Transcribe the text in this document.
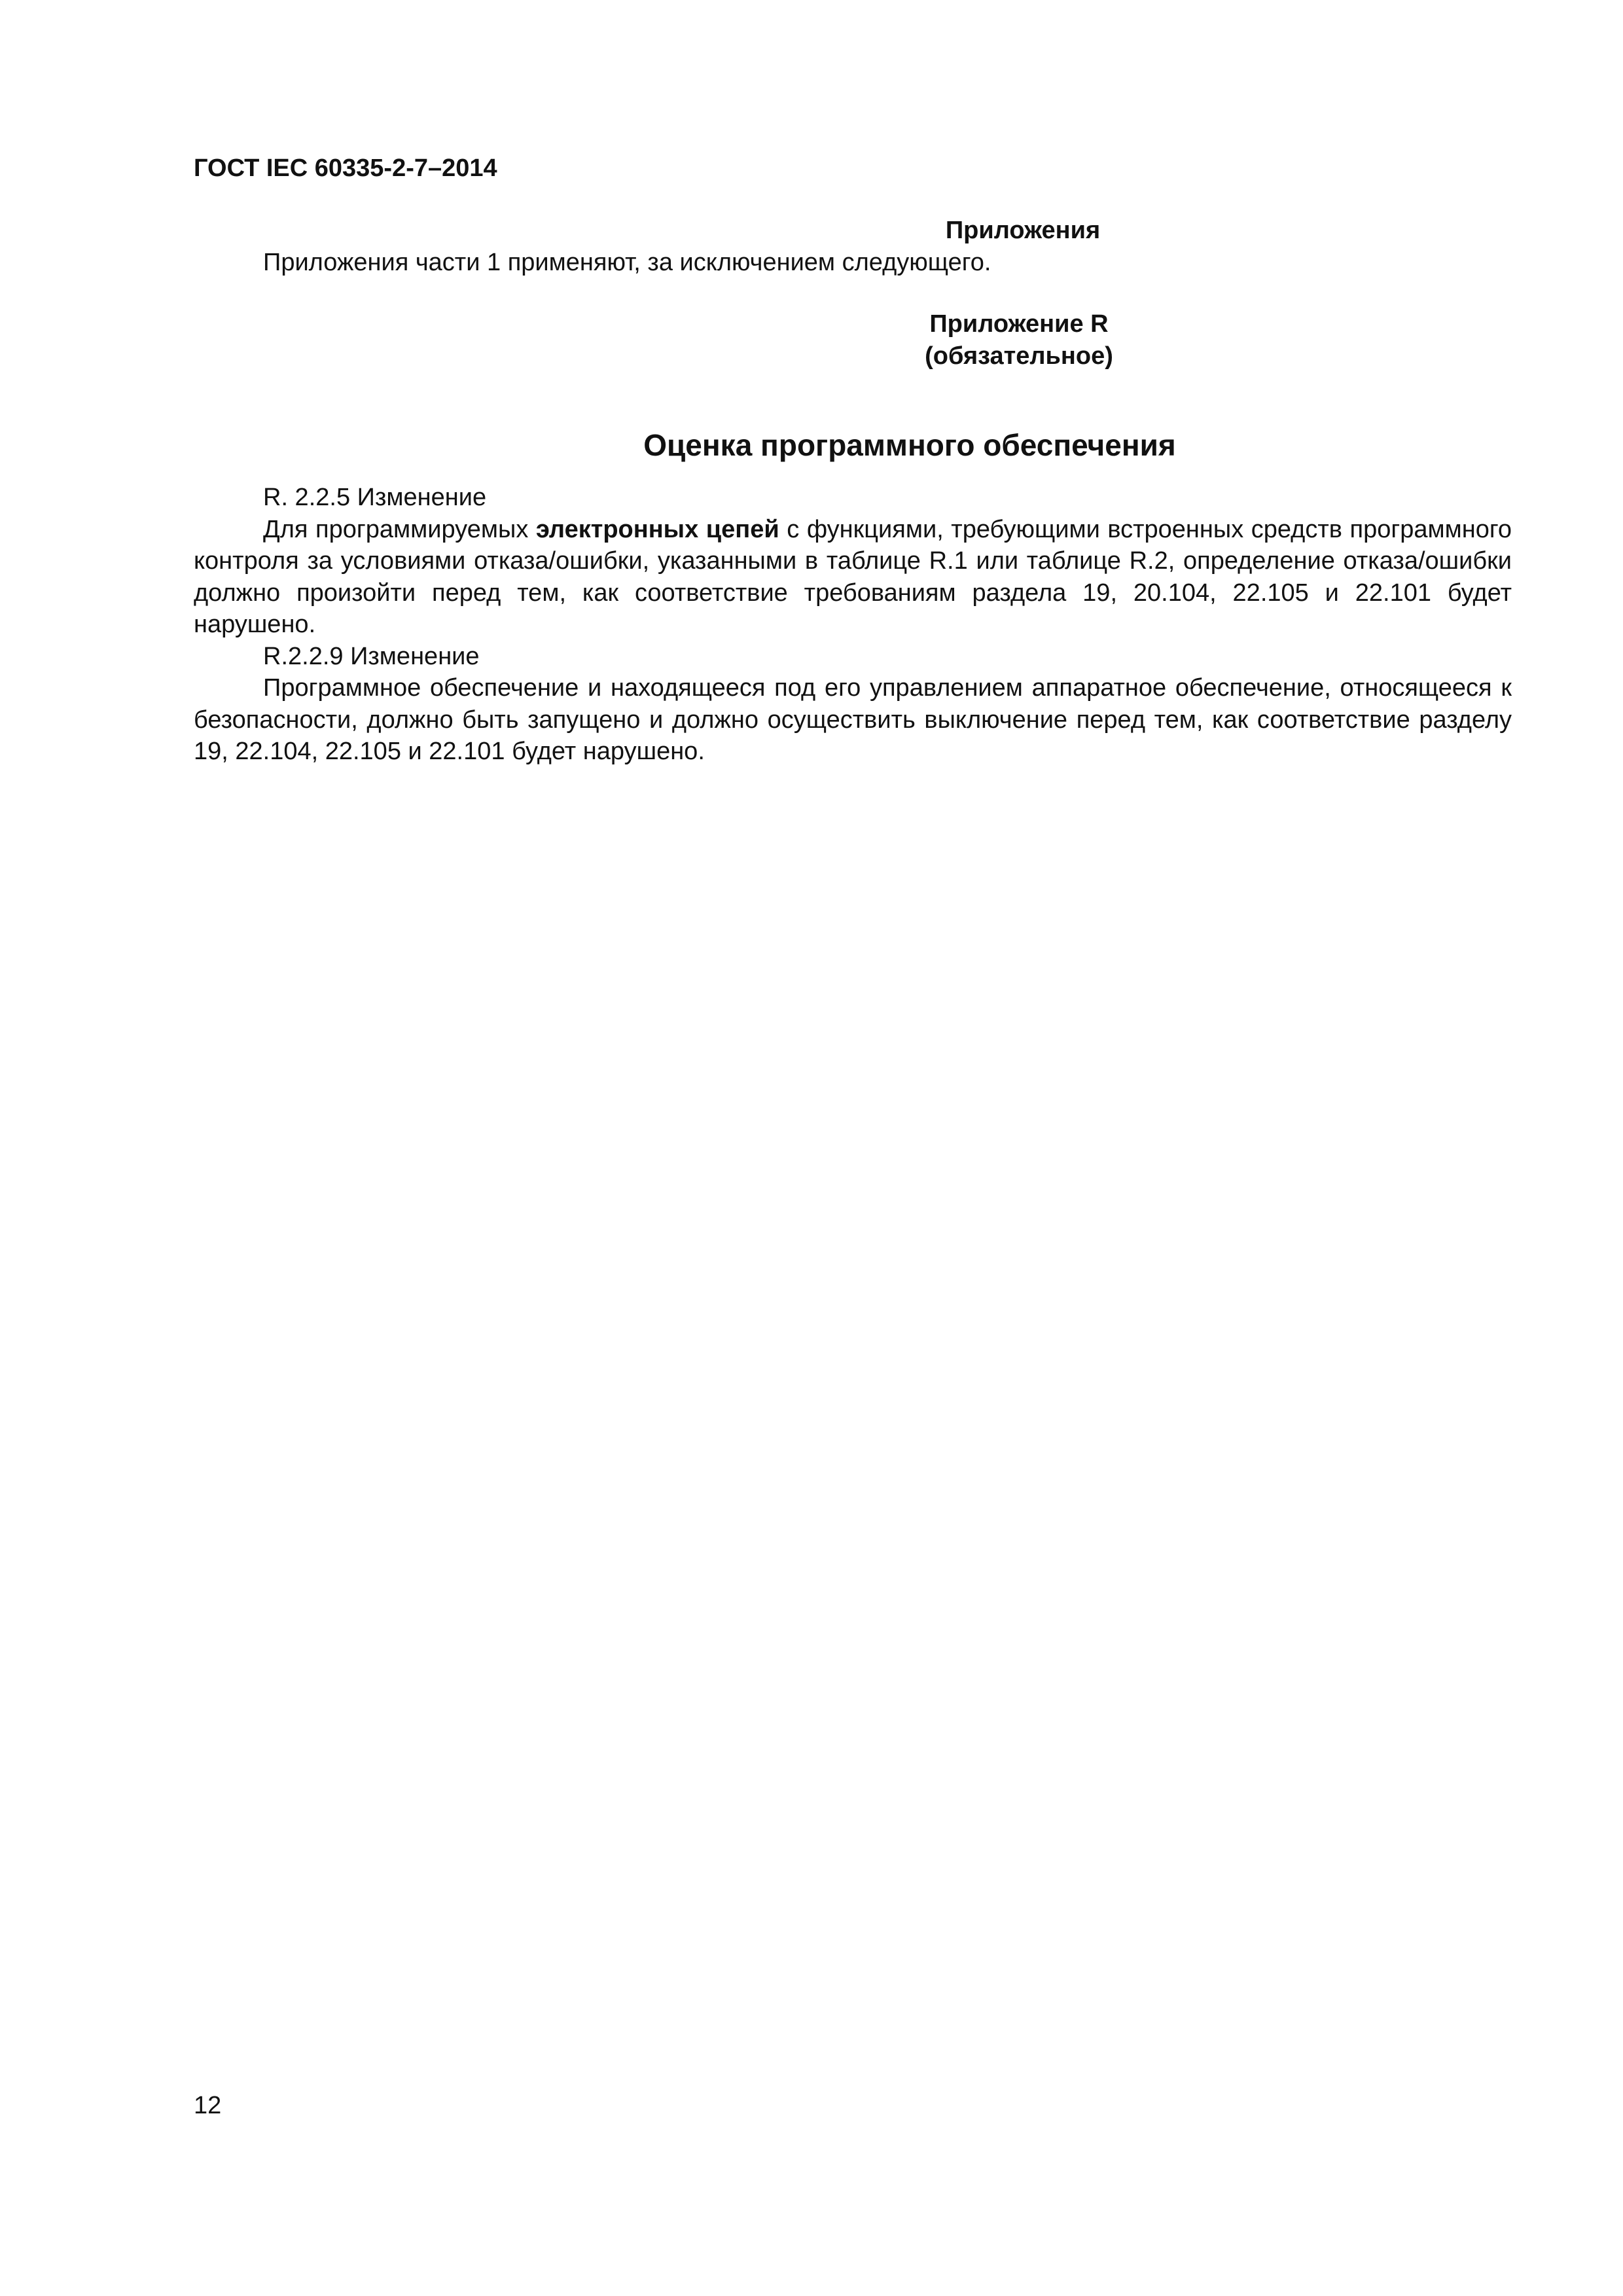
ГОСТ IEC 60335-2-7–2014

Приложения

Приложения части 1 применяют, за исключением следующего.

Приложение R

(обязательное)

Оценка программного обеспечения

R. 2.2.5 Изменение

Для программируемых электронных цепей с функциями, требующими встроенных средств программного контроля за условиями отказа/ошибки, указанными в таблице R.1 или таблице R.2, определение отказа/ошибки должно произойти перед тем, как соответствие требованиям раздела 19, 20.104, 22.105 и 22.101 будет нарушено.

R.2.2.9 Изменение

Программное обеспечение и находящееся под его управлением аппаратное обеспечение, относящееся к безопасности, должно быть запущено и должно осуществить выключение перед тем, как соответствие разделу 19, 22.104, 22.105 и 22.101 будет нарушено.

12
